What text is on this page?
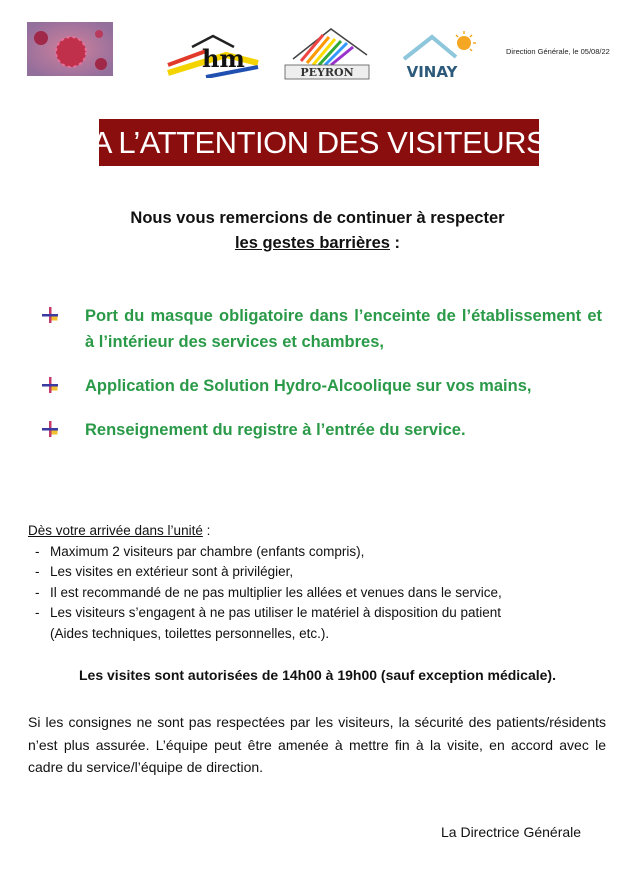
hm	PEYRON	VINAY
Direction Générale, le 05/08/22
A L’ATTENTION DES VISITEURS
Nous vous remercions de continuer à respecter
les gestes barrières :
Port du masque obligatoire dans l’enceinte de l’établissement et à l’intérieur des services et chambres,
Application de Solution Hydro-Alcoolique sur vos mains,
Renseignement du registre à l’entrée du service.
Dès votre arrivée dans l’unité :
- Maximum 2 visiteurs par chambre (enfants compris),
- Les visites en extérieur sont à privilégier,
- Il est recommandé de ne pas multiplier les allées et venues dans le service,
- Les visiteurs s’engagent à ne pas utiliser le matériel à disposition du patient
(Aides techniques, toilettes personnelles, etc.).
Les visites sont autorisées de 14h00 à 19h00 (sauf exception médicale).
Si les consignes ne sont pas respectées par les visiteurs, la sécurité des patients/résidents n’est plus assurée. L’équipe peut être amenée à mettre fin à la visite, en accord avec le cadre du service/l’équipe de direction.
La Directrice Générale
